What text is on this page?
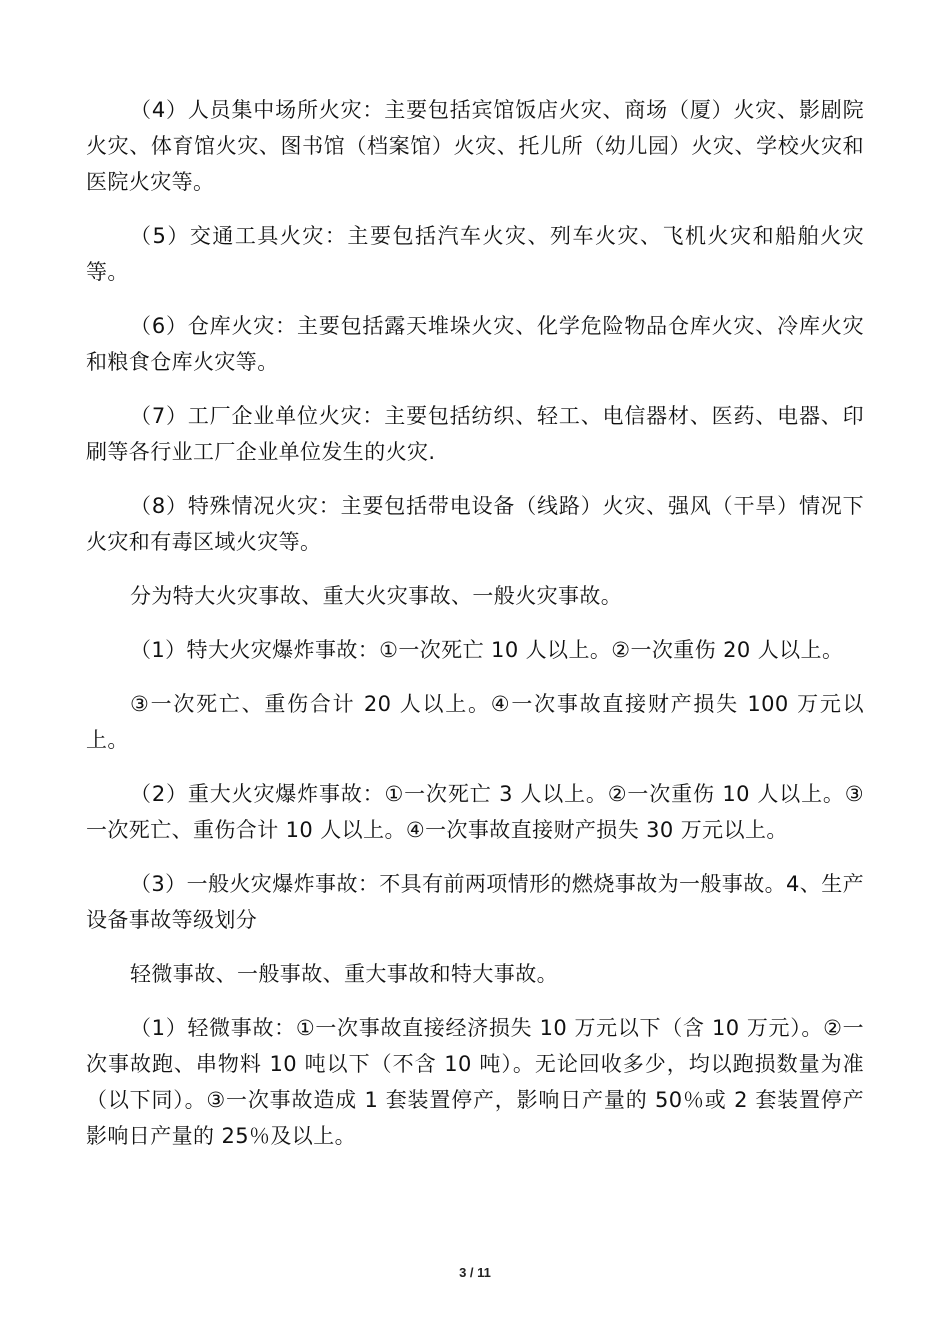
（4）人员集中场所火灾：主要包括宾馆饭店火灾、商场（厦）火灾、影剧院火灾、体育馆火灾、图书馆（档案馆）火灾、托儿所（幼儿园）火灾、学校火灾和医院火灾等。

（5）交通工具火灾：主要包括汽车火灾、列车火灾、飞机火灾和船舶火灾等。

（6）仓库火灾：主要包括露天堆垛火灾、化学危险物品仓库火灾、冷库火灾和粮食仓库火灾等。

（7）工厂企业单位火灾：主要包括纺织、轻工、电信器材、医药、电器、印刷等各行业工厂企业单位发生的火灾.

（8）特殊情况火灾：主要包括带电设备（线路）火灾、强风（干旱）情况下火灾和有毒区域火灾等。

分为特大火灾事故、重大火灾事故、一般火灾事故。

（1）特大火灾爆炸事故：①一次死亡 10 人以上。②一次重伤 20 人以上。

③一次死亡、重伤合计 20 人以上。④一次事故直接财产损失 100 万元以上。

（2）重大火灾爆炸事故：①一次死亡 3 人以上。②一次重伤 10 人以上。③一次死亡、重伤合计 10 人以上。④一次事故直接财产损失 30 万元以上。

（3）一般火灾爆炸事故：不具有前两项情形的燃烧事故为一般事故。4、生产设备事故等级划分

轻微事故、一般事故、重大事故和特大事故。

（1）轻微事故：①一次事故直接经济损失 10 万元以下（含 10 万元）。②一次事故跑、串物料 10 吨以下（不含 10 吨）。无论回收多少，均以跑损数量为准（以下同）。③一次事故造成 1 套装置停产，影响日产量的 50％或 2 套装置停产影响日产量的 25％及以上。

3 / 11
